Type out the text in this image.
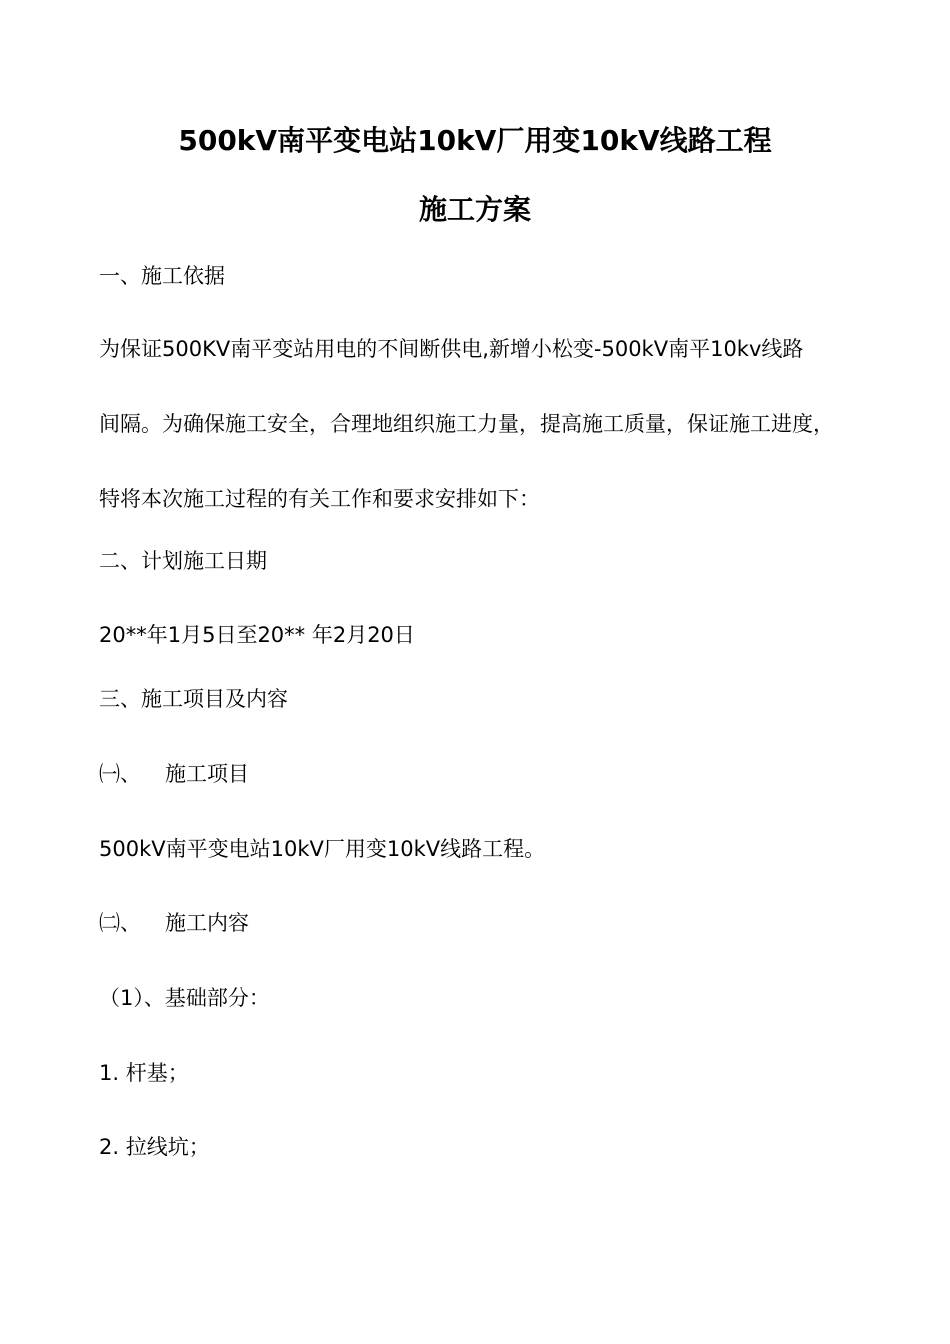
500kV南平变电站10kV厂用变10kV线路工程
施工方案
一、施工依据
为保证500KV南平变站用电的不间断供电,新增小松变-500kV南平10kv线路
间隔。为确保施工安全，合理地组织施工力量，提高施工质量，保证施工进度，
特将本次施工过程的有关工作和要求安排如下：
二、计划施工日期
20**年1月5日至20** 年2月20日
三、施工项目及内容
㈠、 施工项目
500kV南平变电站10kV厂用变10kV线路工程。
㈡、 施工内容
（1）、基础部分：
1. 杆基；
2. 拉线坑；
